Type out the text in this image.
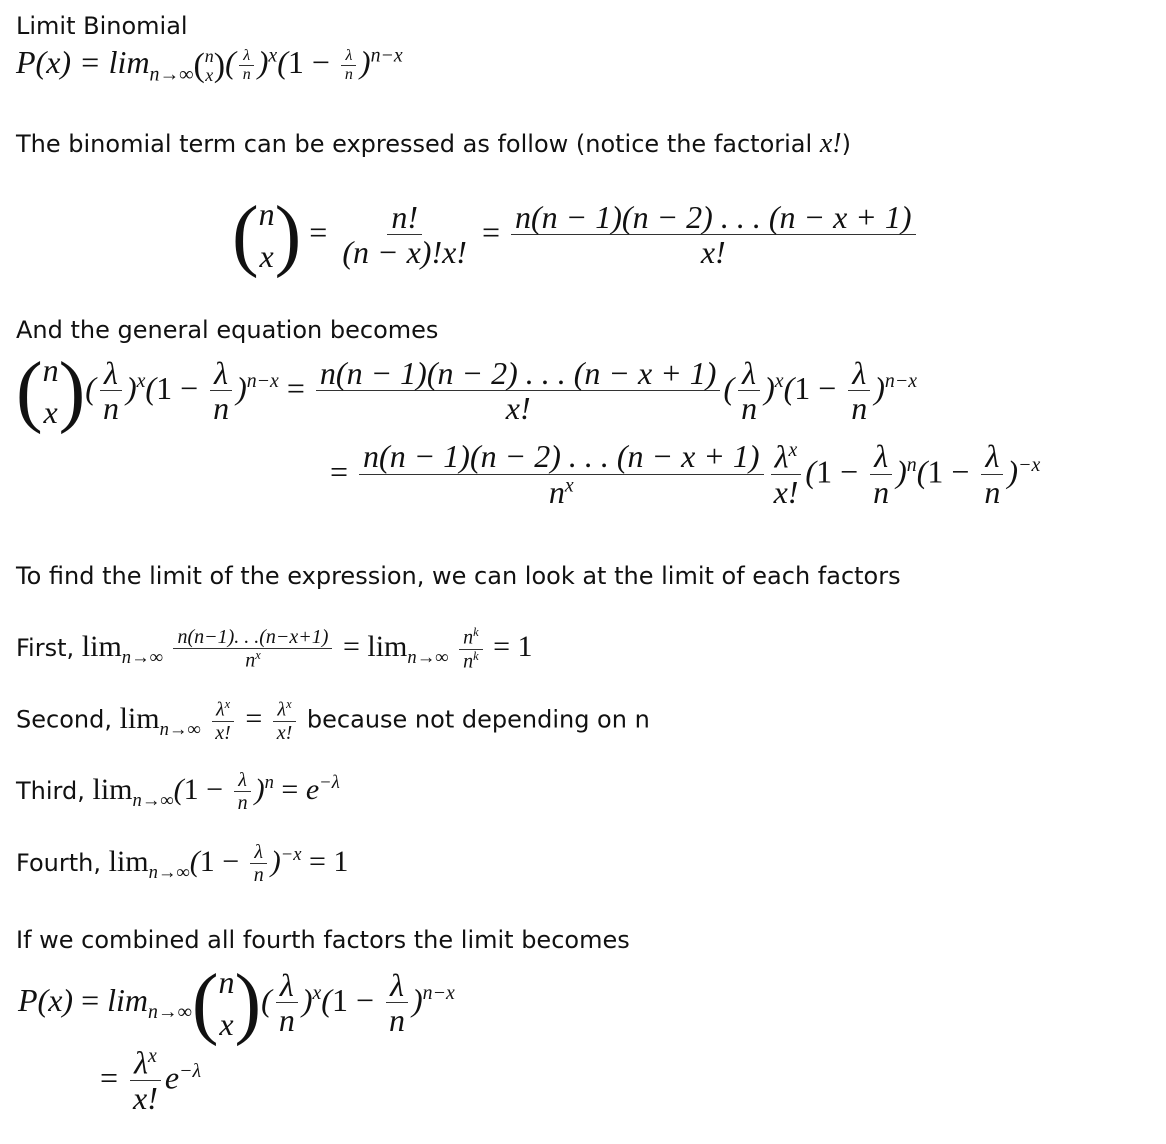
Limit Binomial
$P(x) = \lim_{n\to\infty}$ ( n
x ) ( $\frac{\lambda}{n} )^x(1 - \frac{\lambda}{n} )^{n-x}$
The binomial term can be expressed as follow (notice the factorial x!)
( n
x ) = $\frac{n!}{(n - x)!x!} = \frac{n(n - 1)(n - 2) . . . (n - x + 1)}{x!}$
And the general equation becomes
( n
x ) ( $\frac{\lambda}{n} )^x(1 - \frac{\lambda}{n} )^{n-x} = \frac{n(n - 1)(n - 2) . . . (n - x + 1)}{x!}$ ( $\frac{\lambda}{n} )^x(1 - \frac{\lambda}{n} )^{n-x}$
= $\frac{n(n - 1)(n - 2) . . . (n - x + 1)}{n^x} \frac{\lambda^x}{x!} (1 - \frac{\lambda}{n} )^n(1 - \frac{\lambda}{n} )^{-x}$
To find the limit of the expression, we can look at the limit of each factors
First, $\lim_{n\to\infty} \frac{n(n-1). . .(n-x+1)}{n^x} = \lim_{n\to\infty} \frac{n^k}{n^k} = 1$
Second, $\lim_{n\to\infty} \frac{\lambda^x}{x!} = \frac{\lambda^x}{x!}$ because not depending on n
Third, $\lim_{n\to\infty}(1 - \frac{\lambda}{n} )^n = e^{-\lambda}$
Fourth, $\lim_{n\to\infty}(1 - \frac{\lambda}{n} )^{-x} = 1$
If we combined all fourth factors the limit becomes
$P(x) = \lim_{n\to\infty}$ ( n
x ) ( $\frac{\lambda}{n} )^x(1 - \frac{\lambda}{n} )^{n-x}$
= $\frac{\lambda^x}{x!} e^{-\lambda}$
